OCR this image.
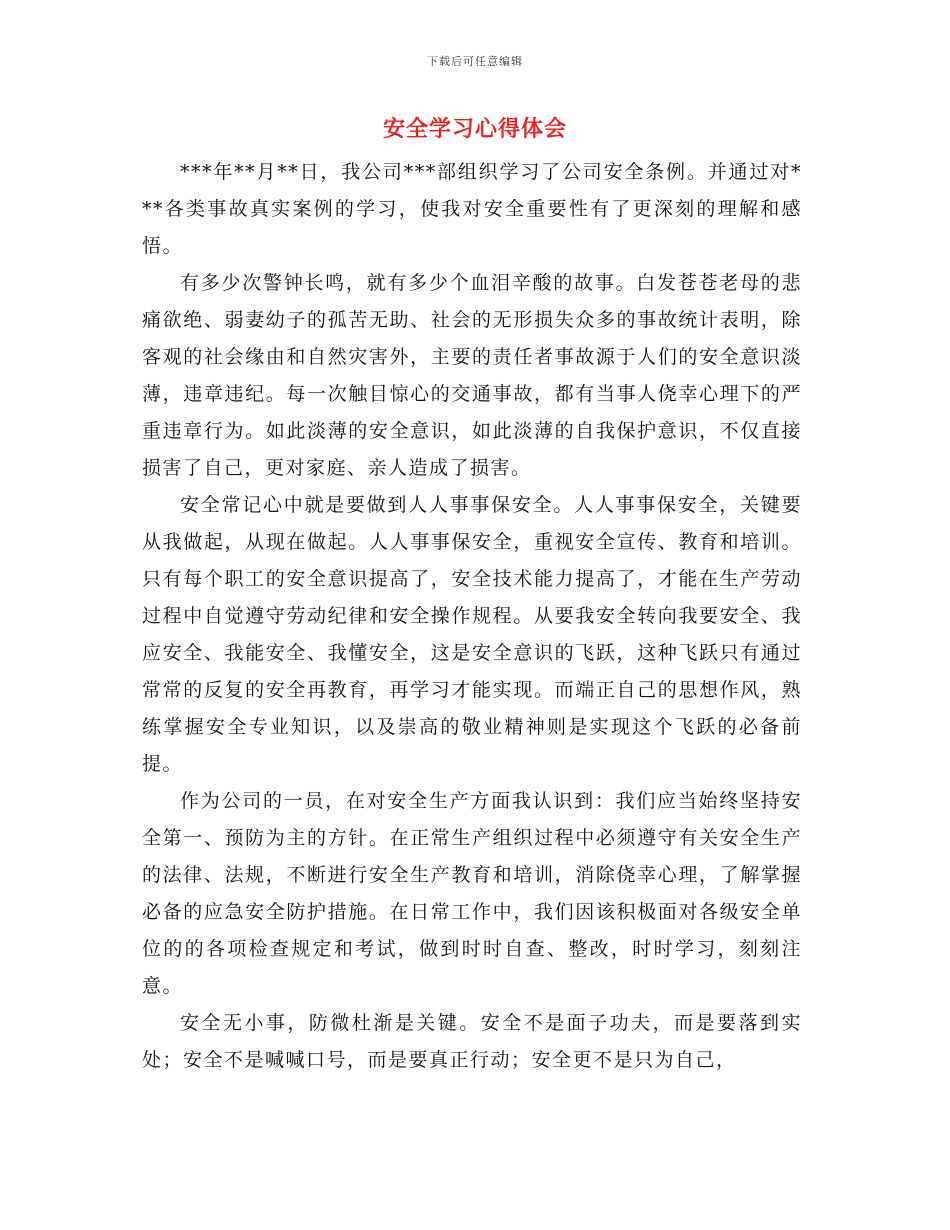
下载后可任意编辑
安全学习心得体会

***年**月**日，我公司***部组织学习了公司安全条例。并通过对***各类事故真实案例的学习，使我对安全重要性有了更深刻的理解和感悟。

有多少次警钟长鸣，就有多少个血泪辛酸的故事。白发苍苍老母的悲痛欲绝、弱妻幼子的孤苦无助、社会的无形损失众多的事故统计表明，除客观的社会缘由和自然灾害外，主要的责任者事故源于人们的安全意识淡薄，违章违纪。每一次触目惊心的交通事故，都有当事人侥幸心理下的严重违章行为。如此淡薄的安全意识，如此淡薄的自我保护意识，不仅直接损害了自己，更对家庭、亲人造成了损害。

安全常记心中就是要做到人人事事保安全。人人事事保安全，关键要从我做起，从现在做起。人人事事保安全，重视安全宣传、教育和培训。只有每个职工的安全意识提高了，安全技术能力提高了，才能在生产劳动过程中自觉遵守劳动纪律和安全操作规程。从要我安全转向我要安全、我应安全、我能安全、我懂安全，这是安全意识的飞跃，这种飞跃只有通过常常的反复的安全再教育，再学习才能实现。而端正自己的思想作风，熟练掌握安全专业知识，以及崇高的敬业精神则是实现这个飞跃的必备前提。

作为公司的一员，在对安全生产方面我认识到：我们应当始终坚持安全第一、预防为主的方针。在正常生产组织过程中必须遵守有关安全生产的法律、法规，不断进行安全生产教育和培训，消除侥幸心理，了解掌握必备的应急安全防护措施。在日常工作中，我们因该积极面对各级安全单位的的各项检查规定和考试，做到时时自查、整改，时时学习，刻刻注意。

安全无小事，防微杜渐是关键。安全不是面子功夫，而是要落到实处；安全不是喊喊口号，而是要真正行动；安全更不是只为自己，
